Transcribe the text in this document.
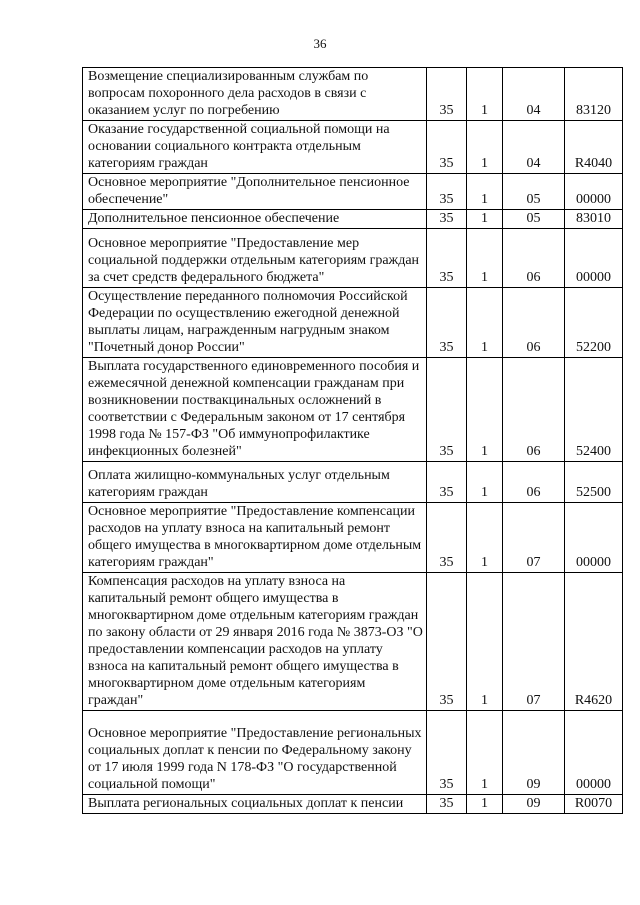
36
Возмещение специализированным службам по вопросам похоронного дела расходов в связи с оказанием услуг по погребению	35	1	04	83120
Оказание государственной социальной помощи на основании социального контракта отдельным категориям граждан	35	1	04	R4040
Основное мероприятие "Дополнительное пенсионное обеспечение"	35	1	05	00000
Дополнительное пенсионное обеспечение	35	1	05	83010
Основное мероприятие "Предоставление мер социальной поддержки отдельным категориям граждан за счет средств федерального бюджета"	35	1	06	00000
Осуществление переданного полномочия Российской Федерации по осуществлению ежегодной денежной выплаты лицам, награжденным нагрудным знаком "Почетный донор России"	35	1	06	52200
Выплата государственного единовременного пособия и ежемесячной денежной компенсации гражданам при возникновении поствакцинальных осложнений в соответствии с Федеральным законом от 17 сентября 1998 года № 157-ФЗ "Об иммунопрофилактике инфекционных болезней"	35	1	06	52400
Оплата жилищно-коммунальных услуг отдельным категориям граждан	35	1	06	52500
Основное мероприятие "Предоставление компенсации расходов на уплату взноса на капитальный ремонт общего имущества в многоквартирном доме отдельным категориям граждан"	35	1	07	00000
Компенсация расходов на уплату взноса на капитальный ремонт общего имущества в многоквартирном доме отдельным категориям граждан по закону области от 29 января 2016 года № 3873-ОЗ "О предоставлении компенсации расходов на уплату взноса на капитальный ремонт общего имущества в многоквартирном доме отдельным категориям граждан"	35	1	07	R4620
Основное мероприятие "Предоставление региональных социальных доплат к пенсии по Федеральному закону от 17 июля 1999 года N 178-ФЗ "О государственной социальной помощи"	35	1	09	00000
Выплата региональных социальных доплат к пенсии	35	1	09	R0070
